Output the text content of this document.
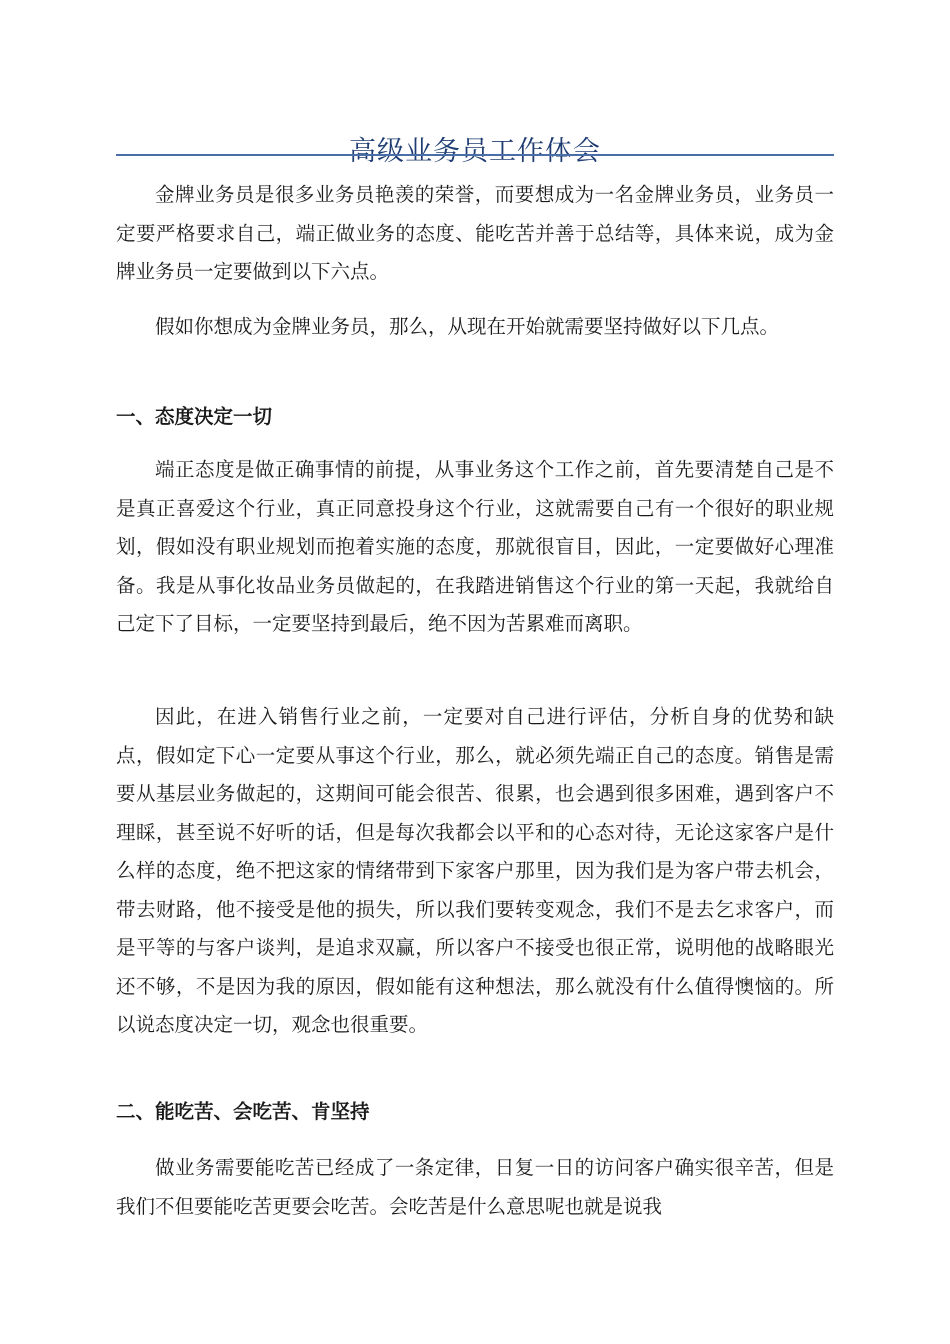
高级业务员工作体会

金牌业务员是很多业务员艳羡的荣誉，而要想成为一名金牌业务员，业务员一定要严格要求自己，端正做业务的态度、能吃苦并善于总结等，具体来说，成为金牌业务员一定要做到以下六点。

假如你想成为金牌业务员，那么，从现在开始就需要坚持做好以下几点。

一、态度决定一切

端正态度是做正确事情的前提，从事业务这个工作之前，首先要清楚自己是不是真正喜爱这个行业，真正同意投身这个行业，这就需要自己有一个很好的职业规划，假如没有职业规划而抱着实施的态度，那就很盲目，因此，一定要做好心理准备。我是从事化妆品业务员做起的，在我踏进销售这个行业的第一天起，我就给自己定下了目标，一定要坚持到最后，绝不因为苦累难而离职。

因此，在进入销售行业之前，一定要对自己进行评估，分析自身的优势和缺点，假如定下心一定要从事这个行业，那么，就必须先端正自己的态度。销售是需要从基层业务做起的，这期间可能会很苦、很累，也会遇到很多困难，遇到客户不理睬，甚至说不好听的话，但是每次我都会以平和的心态对待，无论这家客户是什么样的态度，绝不把这家的情绪带到下家客户那里，因为我们是为客户带去机会，带去财路，他不接受是他的损失，所以我们要转变观念，我们不是去乞求客户，而是平等的与客户谈判，是追求双赢，所以客户不接受也很正常，说明他的战略眼光还不够，不是因为我的原因，假如能有这种想法，那么就没有什么值得懊恼的。所以说态度决定一切，观念也很重要。

二、能吃苦、会吃苦、肯坚持

做业务需要能吃苦已经成了一条定律，日复一日的访问客户确实很辛苦，但是我们不但要能吃苦更要会吃苦。会吃苦是什么意思呢也就是说我
